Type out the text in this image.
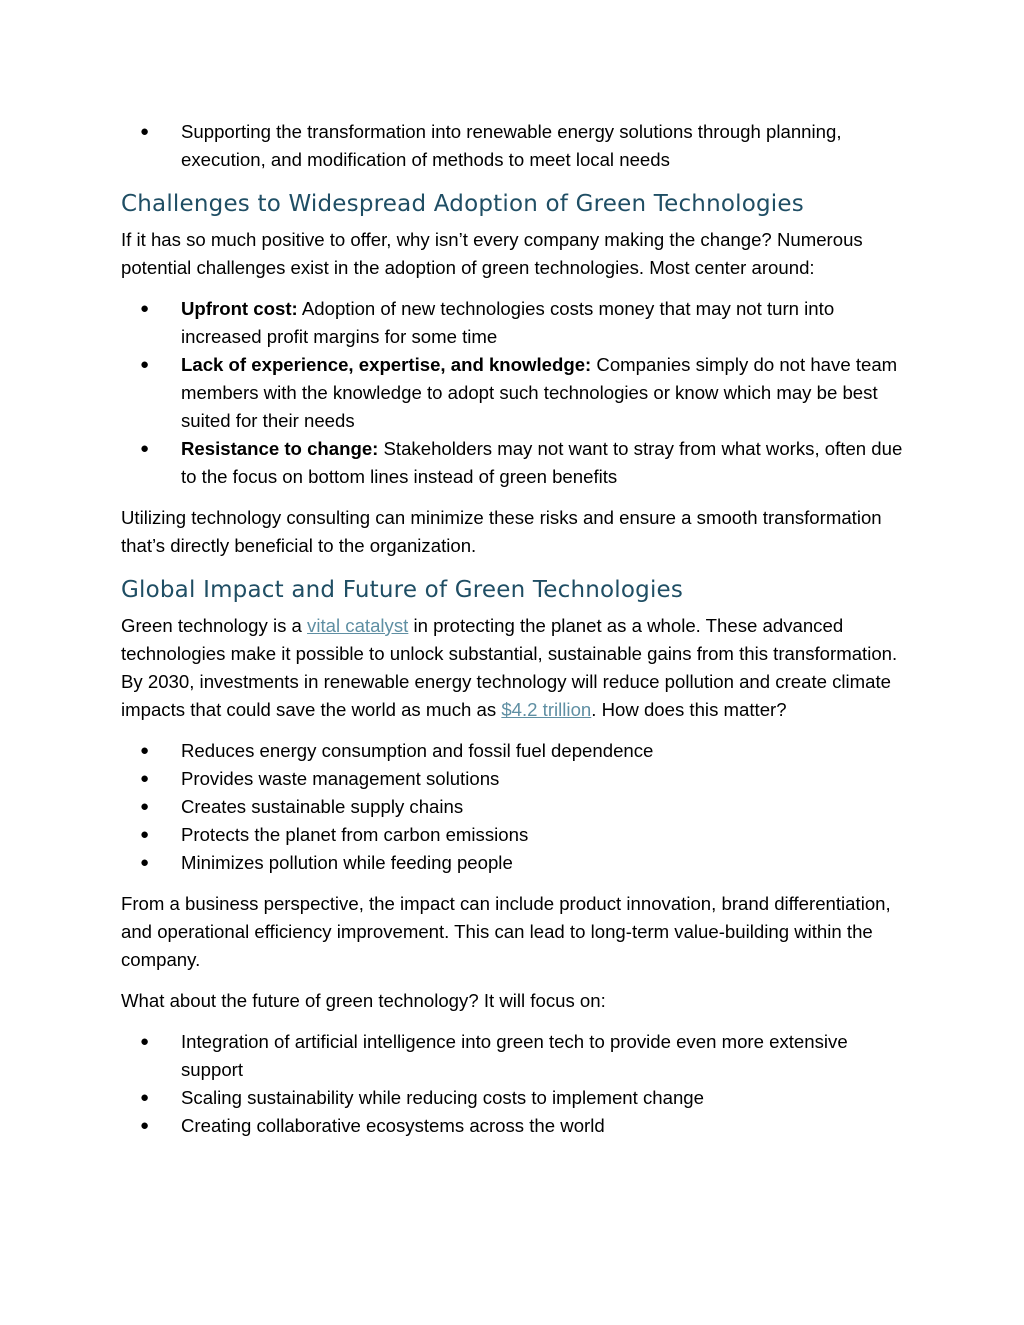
● Supporting the transformation into renewable energy solutions through planning, execution, and modification of methods to meet local needs
Challenges to Widespread Adoption of Green Technologies

If it has so much positive to offer, why isn’t every company making the change? Numerous potential challenges exist in the adoption of green technologies. Most center around:

● Upfront cost: Adoption of new technologies costs money that may not turn into increased profit margins for some time
● Lack of experience, expertise, and knowledge: Companies simply do not have team members with the knowledge to adopt such technologies or know which may be best suited for their needs
● Resistance to change: Stakeholders may not want to stray from what works, often due to the focus on bottom lines instead of green benefits

Utilizing technology consulting can minimize these risks and ensure a smooth transformation that’s directly beneficial to the organization.

Global Impact and Future of Green Technologies

Green technology is a vital catalyst in protecting the planet as a whole. These advanced technologies make it possible to unlock substantial, sustainable gains from this transformation. By 2030, investments in renewable energy technology will reduce pollution and create climate impacts that could save the world as much as $4.2 trillion. How does this matter?

● Reduces energy consumption and fossil fuel dependence
● Provides waste management solutions
● Creates sustainable supply chains
● Protects the planet from carbon emissions
● Minimizes pollution while feeding people

From a business perspective, the impact can include product innovation, brand differentiation, and operational efficiency improvement. This can lead to long-term value-building within the company.

What about the future of green technology? It will focus on:

● Integration of artificial intelligence into green tech to provide even more extensive support
● Scaling sustainability while reducing costs to implement change
● Creating collaborative ecosystems across the world
